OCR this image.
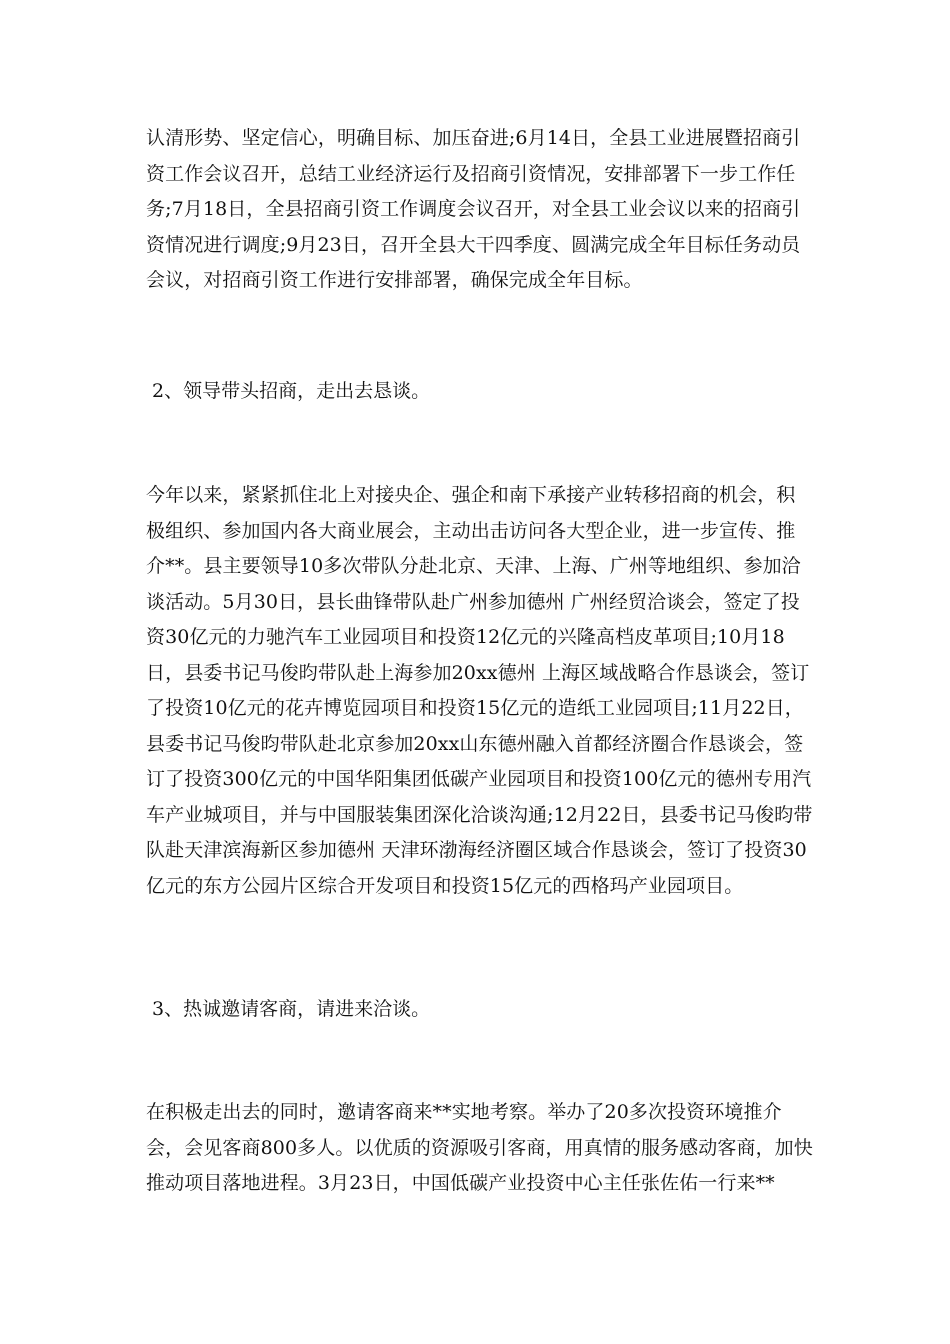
认清形势、坚定信心，明确目标、加压奋进;6月14日，全县工业进展暨招商引资工作会议召开，总结工业经济运行及招商引资情况，安排部署下一步工作任务;7月18日，全县招商引资工作调度会议召开，对全县工业会议以来的招商引资情况进行调度;9月23日，召开全县大干四季度、圆满完成全年目标任务动员会议，对招商引资工作进行安排部署，确保完成全年目标。

2、领导带头招商，走出去恳谈。

今年以来，紧紧抓住北上对接央企、强企和南下承接产业转移招商的机会，积极组织、参加国内各大商业展会，主动出击访问各大型企业，进一步宣传、推介**。县主要领导10多次带队分赴北京、天津、上海、广州等地组织、参加洽谈活动。5月30日，县长曲锋带队赴广州参加德州 广州经贸洽谈会，签定了投资30亿元的力驰汽车工业园项目和投资12亿元的兴隆高档皮革项目;10月18日，县委书记马俊昀带队赴上海参加20xx德州 上海区域战略合作恳谈会，签订了投资10亿元的花卉博览园项目和投资15亿元的造纸工业园项目;11月22日，县委书记马俊昀带队赴北京参加20xx山东德州融入首都经济圈合作恳谈会，签订了投资300亿元的中国华阳集团低碳产业园项目和投资100亿元的德州专用汽车产业城项目，并与中国服装集团深化洽谈沟通;12月22日，县委书记马俊昀带队赴天津滨海新区参加德州 天津环渤海经济圈区域合作恳谈会，签订了投资30亿元的东方公园片区综合开发项目和投资15亿元的西格玛产业园项目。

3、热诚邀请客商，请进来洽谈。

在积极走出去的同时，邀请客商来**实地考察。举办了20多次投资环境推介会，会见客商800多人。以优质的资源吸引客商，用真情的服务感动客商，加快推动项目落地进程。3月23日，中国低碳产业投资中心主任张佐佑一行来**
